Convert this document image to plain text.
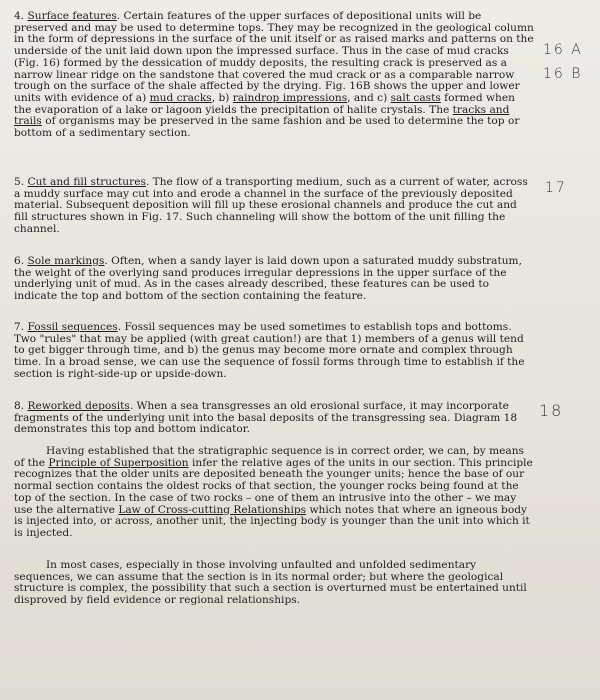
4. Surface features. Certain features of the upper surfaces of depositional units will be preserved and may be used to determine tops. They may be recognized in the geological column in the form of depressions in the surface of the unit itself or as raised marks and patterns on the underside of the unit laid down upon the impressed surface. Thus in the case of mud cracks (Fig. 16) formed by the dessication of muddy deposits, the resulting crack is preserved as a narrow linear ridge on the sandstone that covered the mud crack or as a comparable narrow trough on the surface of the shale affected by the drying. Fig. 16B shows the upper and lower units with evidence of a) mud cracks, b) raindrop impressions, and c) salt casts formed when the evaporation of a lake or lagoon yields the precipitation of halite crystals. The tracks and trails of organisms may be preserved in the same fashion and be used to determine the top or bottom of a sedimentary section.

5. Cut and fill structures. The flow of a transporting medium, such as a current of water, across a muddy surface may cut into and erode a channel in the surface of the previously deposited material. Subsequent deposition will fill up these erosional channels and produce the cut and fill structures shown in Fig. 17. Such channeling will show the bottom of the unit filling the channel.

6. Sole markings. Often, when a sandy layer is laid down upon a saturated muddy substratum, the weight of the overlying sand produces irregular depressions in the upper surface of the underlying unit of mud. As in the cases already described, these features can be used to indicate the top and bottom of the section containing the feature.

7. Fossil sequences. Fossil sequences may be used sometimes to establish tops and bottoms. Two "rules" that may be applied (with great caution!) are that 1) members of a genus will tend to get bigger through time, and b) the genus may become more ornate and complex through time. In a broad sense, we can use the sequence of fossil forms through time to establish if the section is right-side-up or upside-down.

8. Reworked deposits. When a sea transgresses an old erosional surface, it may incorporate fragments of the underlying unit into the basal deposits of the transgressing sea. Diagram 18 demonstrates this top and bottom indicator.

Having established that the stratigraphic sequence is in correct order, we can, by means of the Principle of Superposition infer the relative ages of the units in our section. This principle recognizes that the older units are deposited beneath the younger units; hence the base of our normal section contains the oldest rocks of that section, the younger rocks being found at the top of the section. In the case of two rocks – one of them an intrusive into the other – we may use the alternative Law of Cross-cutting Relationships which notes that where an igneous body is injected into, or across, another unit, the injecting body is younger than the unit into which it is injected.

In most cases, especially in those involving unfaulted and unfolded sedimentary sequences, we can assume that the section is in its normal order; but where the geological structure is complex, the possibility that such a section is overturned must be entertained until disproved by field evidence or regional relationships.

16 A
16 B
17
18
